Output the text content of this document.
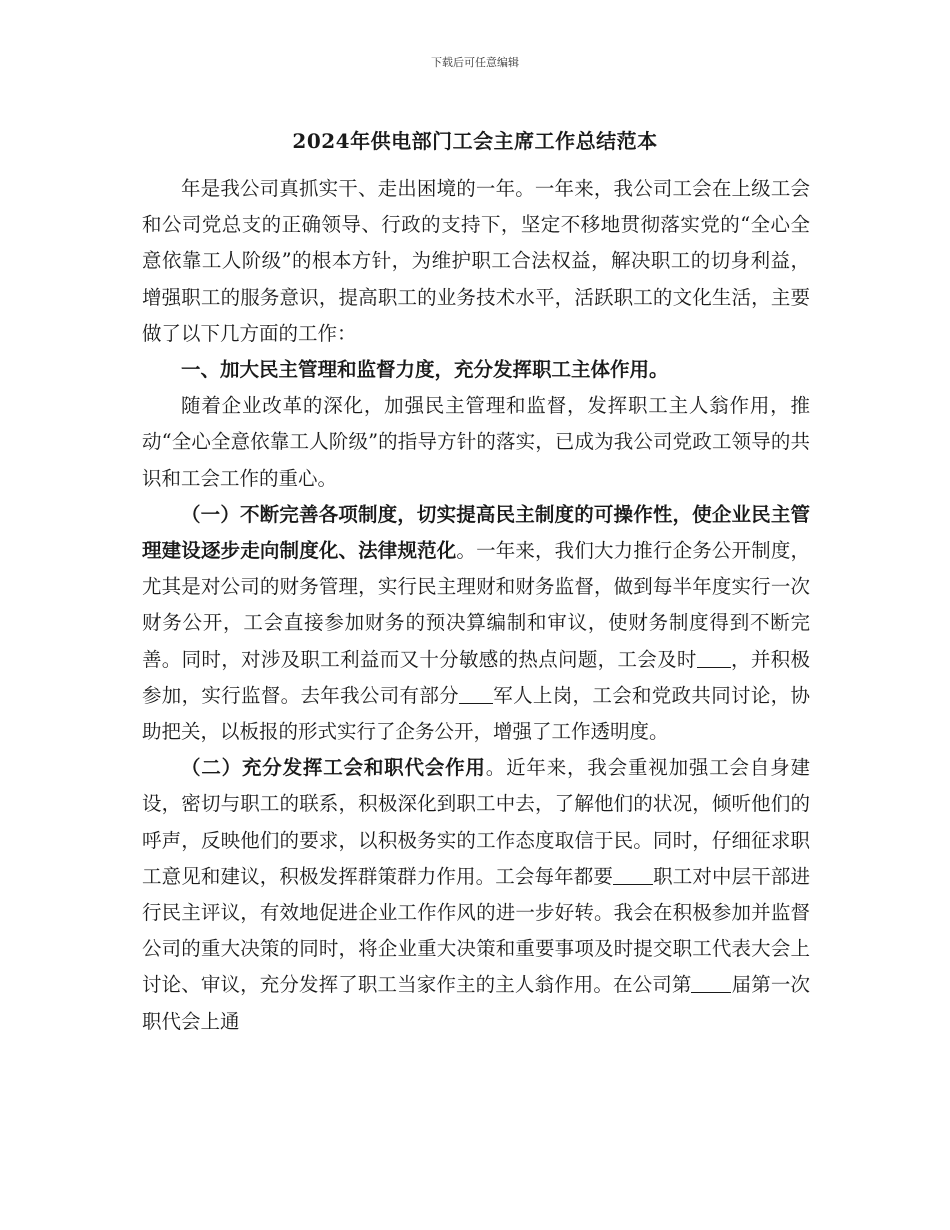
下载后可任意编辑
2024年供电部门工会主席工作总结范本

年是我公司真抓实干、走出困境的一年。一年来，我公司工会在上级工会和公司党总支的正确领导、行政的支持下，坚定不移地贯彻落实党的“全心全意依靠工人阶级”的根本方针，为维护职工合法权益，解决职工的切身利益，增强职工的服务意识，提高职工的业务技术水平，活跃职工的文化生活，主要做了以下几方面的工作：

一、加大民主管理和监督力度，充分发挥职工主体作用。

随着企业改革的深化，加强民主管理和监督，发挥职工主人翁作用，推动“全心全意依靠工人阶级”的指导方针的落实，已成为我公司党政工领导的共识和工会工作的重心。

（一）不断完善各项制度，切实提高民主制度的可操作性，使企业民主管理建设逐步走向制度化、法律规范化。一年来，我们大力推行企务公开制度，尤其是对公司的财务管理，实行民主理财和财务监督，做到每半年度实行一次财务公开，工会直接参加财务的预决算编制和审议，使财务制度得到不断完善。同时，对涉及职工利益而又十分敏感的热点问题，工会及时 ，并积极参加，实行监督。去年我公司有部分 军人上岗，工会和党政共同讨论，协助把关，以板报的形式实行了企务公开，增强了工作透明度。

（二）充分发挥工会和职代会作用。近年来，我会重视加强工会自身建设，密切与职工的联系，积极深化到职工中去，了解他们的状况，倾听他们的呼声，反映他们的要求，以积极务实的工作态度取信于民。同时，仔细征求职工意见和建议，积极发挥群策群力作用。工会每年都要 职工对中层干部进行民主评议，有效地促进企业工作作风的进一步好转。我会在积极参加并监督公司的重大决策的同时，将企业重大决策和重要事项及时提交职工代表大会上讨论、审议，充分发挥了职工当家作主的主人翁作用。在公司第 届第一次职代会上通
